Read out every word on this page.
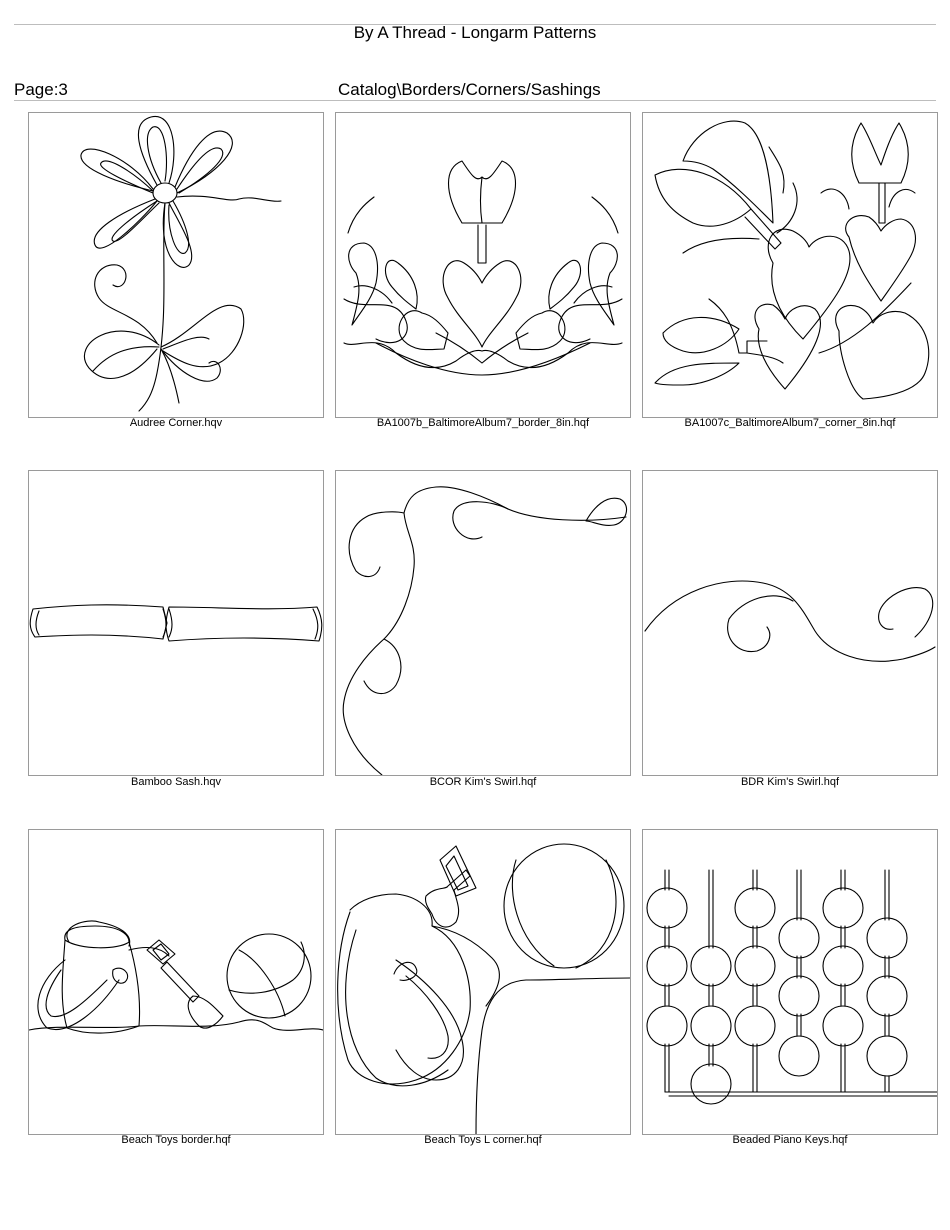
By A Thread - Longarm Patterns
Page:3	Catalog\Borders/Corners/Sashings
Audree Corner.hqv	BA1007b_BaltimoreAlbum7_border_8in.hqf	BA1007c_BaltimoreAlbum7_corner_8in.hqf
Bamboo Sash.hqv	BCOR Kim's Swirl.hqf	BDR Kim's Swirl.hqf
Beach Toys border.hqf	Beach Toys L corner.hqf	Beaded Piano Keys.hqf
